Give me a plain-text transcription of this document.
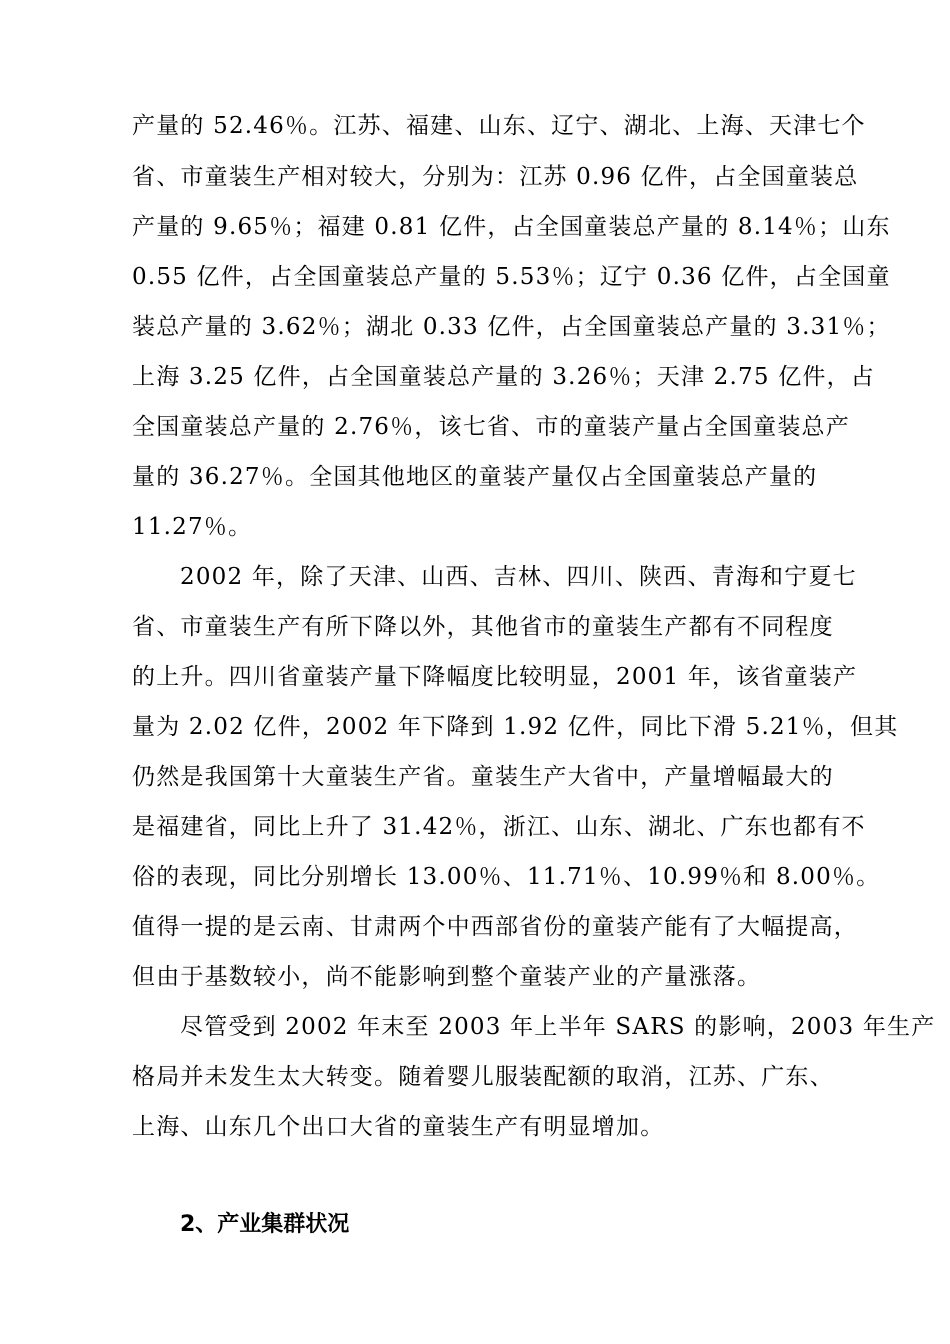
产量的 52.46％。江苏、福建、山东、辽宁、湖北、上海、天津七个
省、市童装生产相对较大，分别为：江苏 0.96 亿件，占全国童装总
产量的 9.65％；福建 0.81 亿件，占全国童装总产量的 8.14％；山东
0.55 亿件，占全国童装总产量的 5.53％；辽宁 0.36 亿件，占全国童
装总产量的 3.62％；湖北 0.33 亿件，占全国童装总产量的 3.31％；
上海 3.25 亿件，占全国童装总产量的 3.26％；天津 2.75 亿件，占
全国童装总产量的 2.76％，该七省、市的童装产量占全国童装总产
量的 36.27％。全国其他地区的童装产量仅占全国童装总产量的
11.27％。
2002 年，除了天津、山西、吉林、四川、陕西、青海和宁夏七
省、市童装生产有所下降以外，其他省市的童装生产都有不同程度
的上升。四川省童装产量下降幅度比较明显，2001 年，该省童装产
量为 2.02 亿件，2002 年下降到 1.92 亿件，同比下滑 5.21％，但其
仍然是我国第十大童装生产省。童装生产大省中，产量增幅最大的
是福建省，同比上升了 31.42％，浙江、山东、湖北、广东也都有不
俗的表现，同比分别增长 13.00％、11.71％、10.99％和 8.00％。
值得一提的是云南、甘肃两个中西部省份的童装产能有了大幅提高，
但由于基数较小，尚不能影响到整个童装产业的产量涨落。
尽管受到 2002 年末至 2003 年上半年 SARS 的影响，2003 年生产
格局并未发生太大转变。随着婴儿服装配额的取消，江苏、广东、
上海、山东几个出口大省的童装生产有明显增加。
2、产业集群状况
